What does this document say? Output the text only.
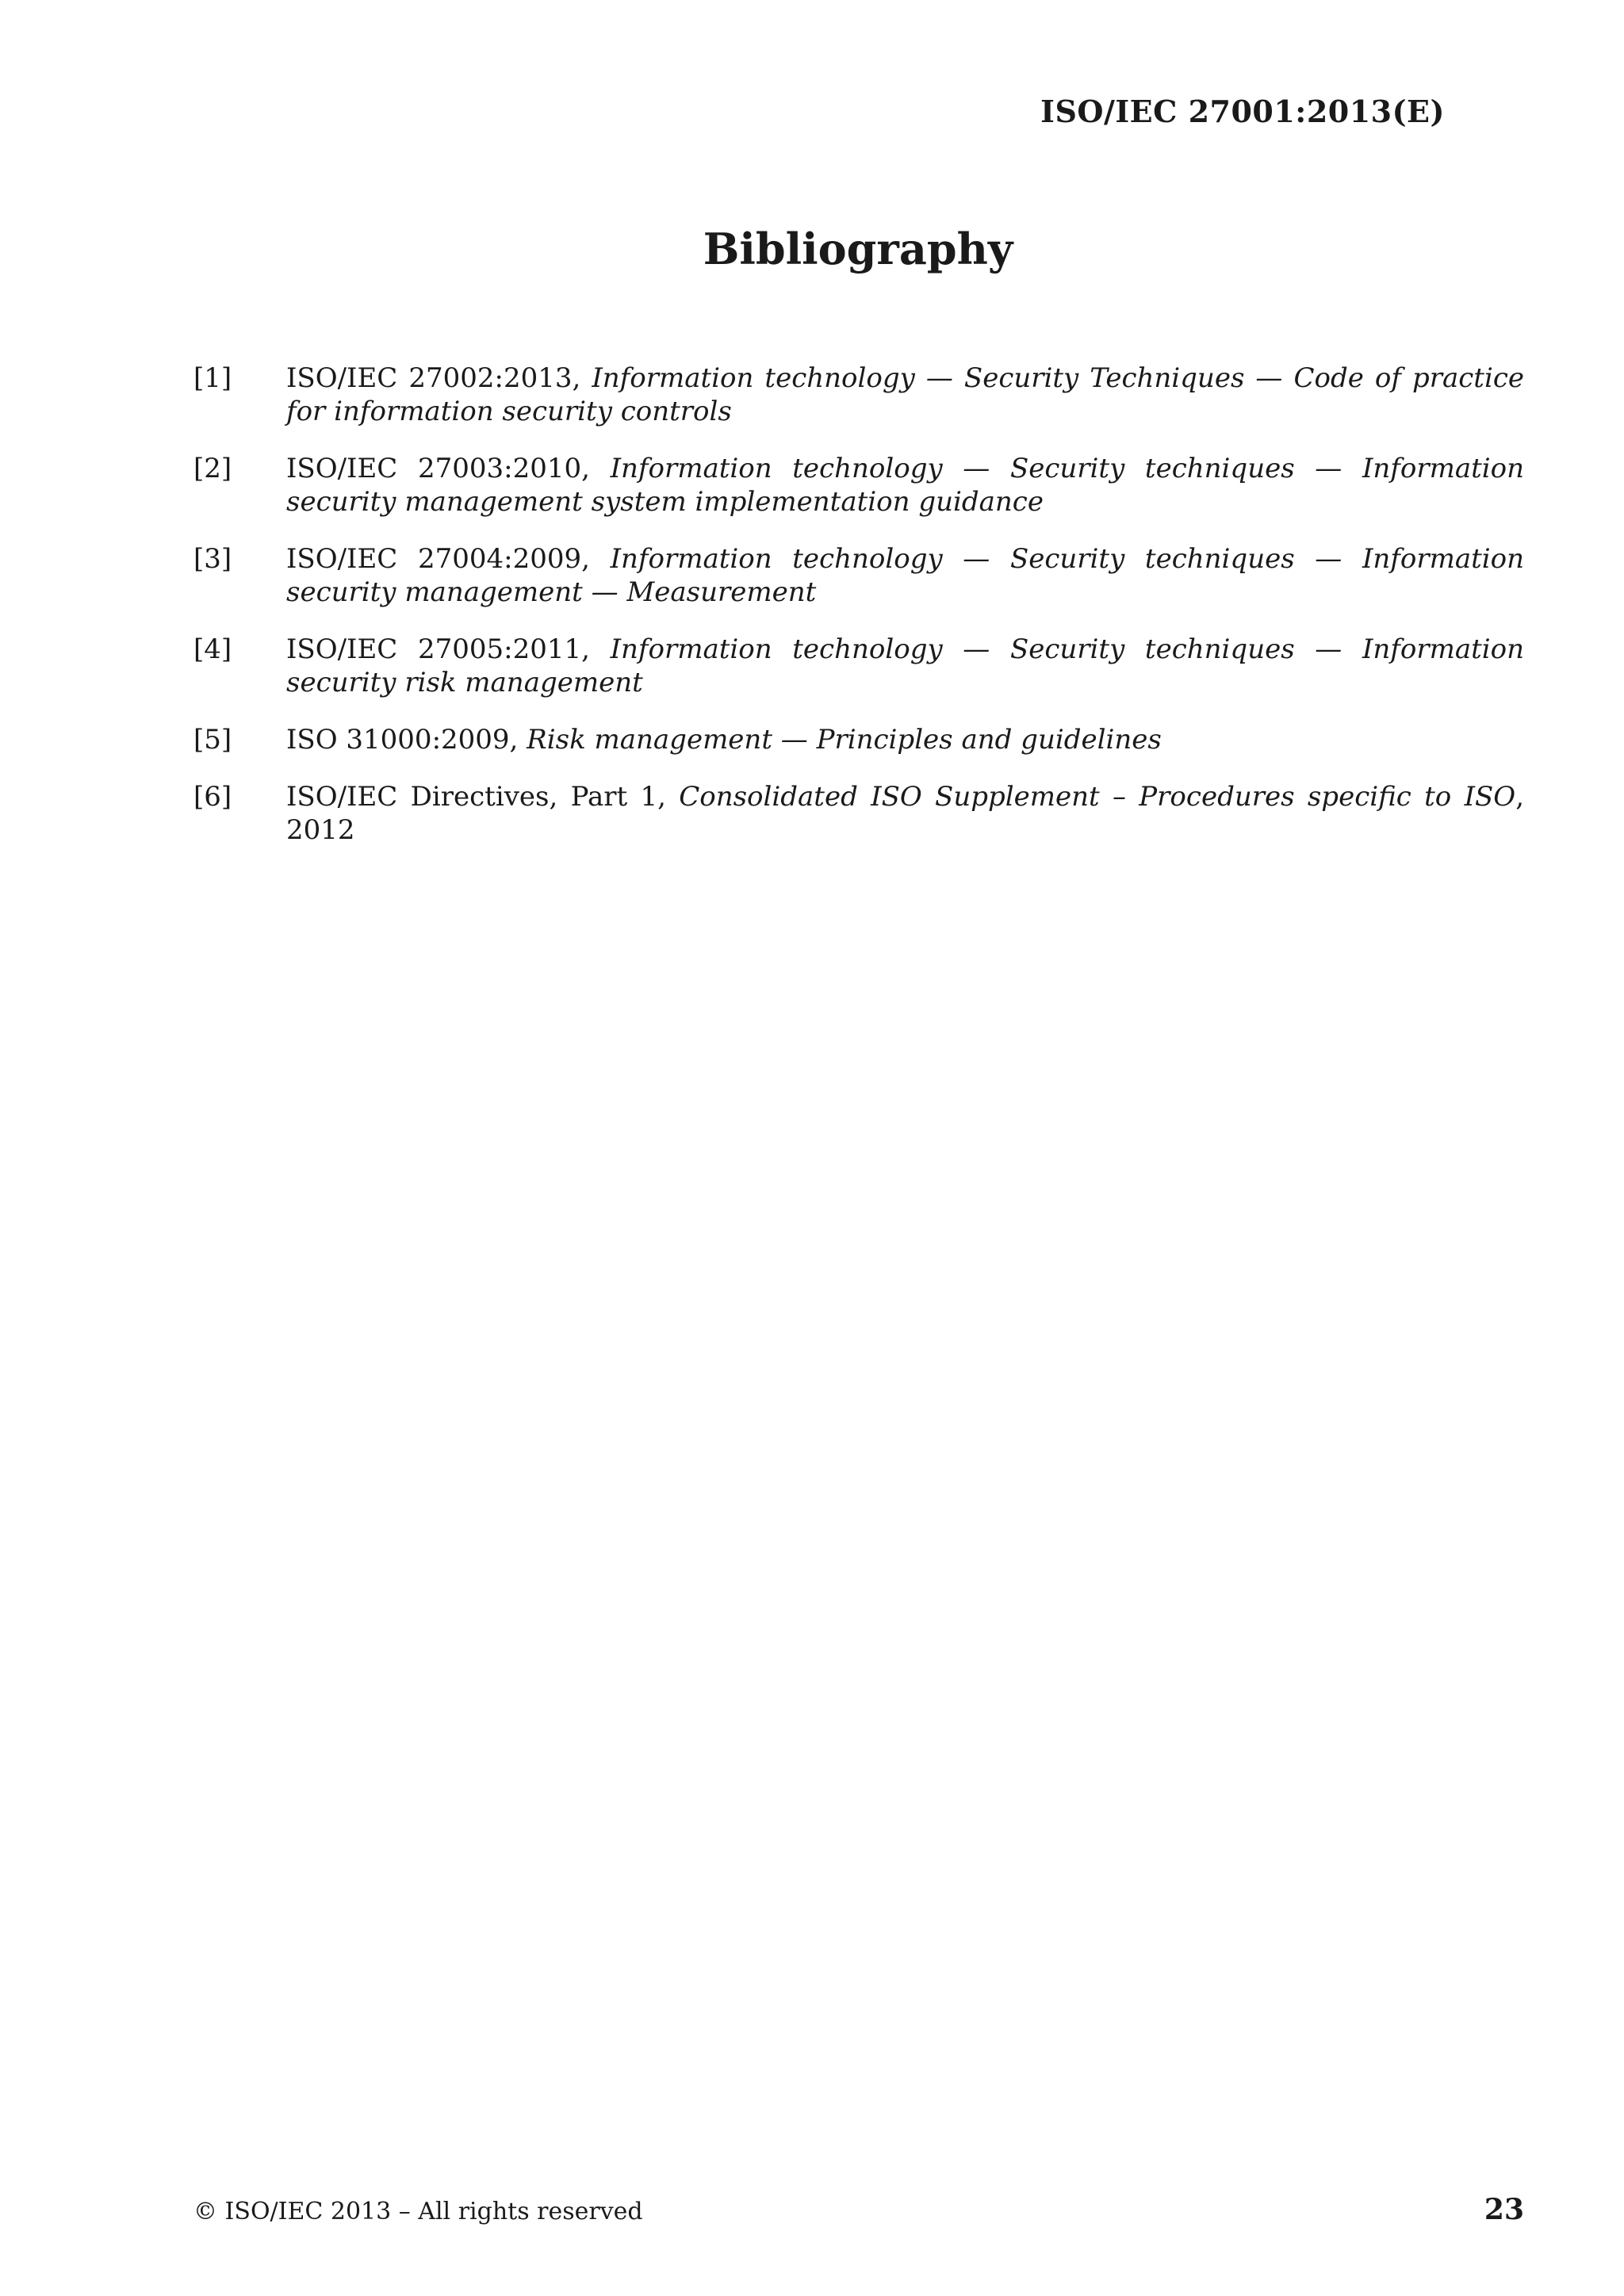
ISO/IEC 27001:2013(E)
Bibliography
[1]	ISO/IEC 27002:2013, Information technology — Security Techniques — Code of practice for information security controls
[2]	ISO/IEC 27003:2010, Information technology — Security techniques — Information security management system implementation guidance
[3]	ISO/IEC 27004:2009, Information technology — Security techniques — Information security management — Measurement
[4]	ISO/IEC 27005:2011, Information technology — Security techniques — Information security risk management
[5]	ISO 31000:2009, Risk management — Principles and guidelines
[6]	ISO/IEC Directives, Part 1, Consolidated ISO Supplement – Procedures specific to ISO, 2012
© ISO/IEC 2013 – All rights reserved	23
